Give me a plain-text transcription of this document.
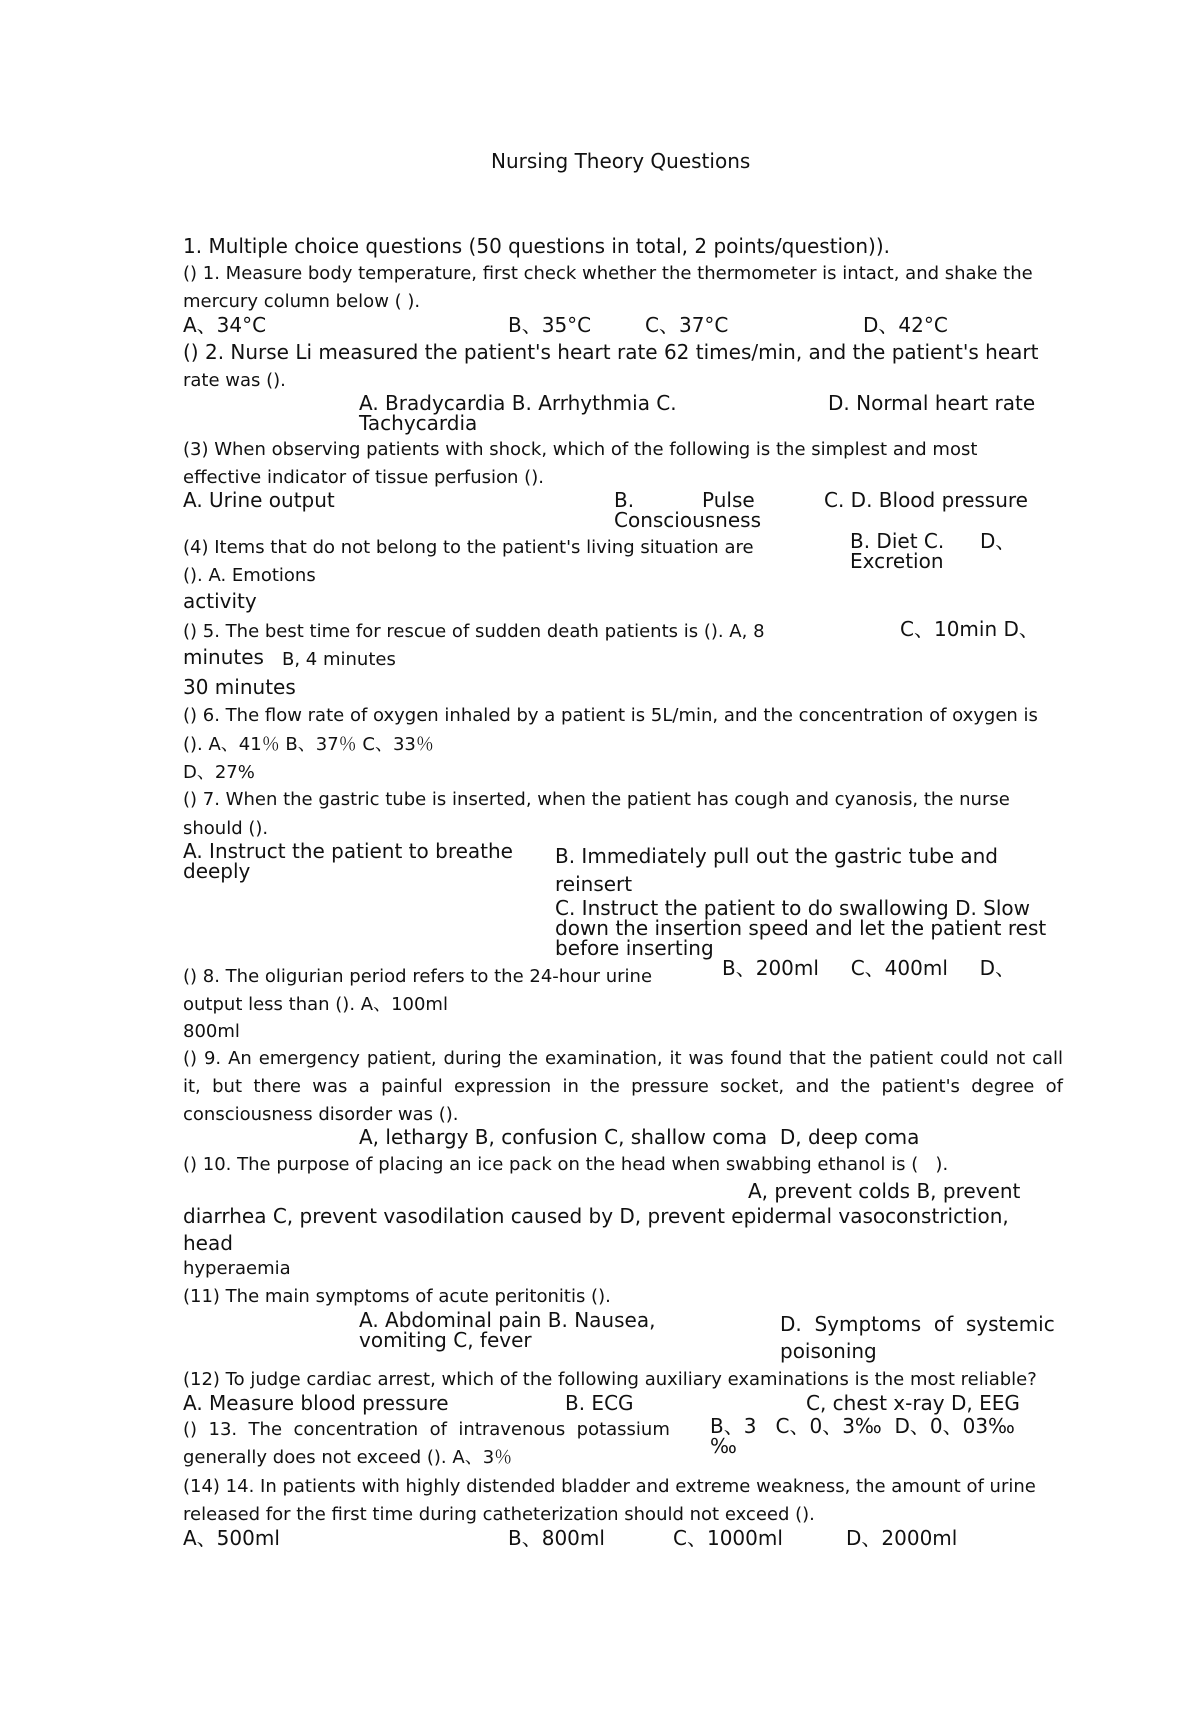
Nursing Theory Questions
1. Multiple choice questions (50 questions in total, 2 points/question)).
() 1. Measure body temperature, first check whether the thermometer is intact, and shake the
mercury column below ( ).
A、34°C	B、35°C	C、37°C	D、42°C
() 2. Nurse Li measured the patient's heart rate 62 times/min, and the patient's heart
rate was ().
A. Bradycardia B. Arrhythmia C.
Tachycardia
D. Normal heart rate
(3) When observing patients with shock, which of the following is the simplest and most
effective indicator of tissue perfusion ().
A. Urine output	B.	Pulse
Consciousness
C. D. Blood pressure
(4) Items that do not belong to the patient's living situation are
(). A. Emotions
activity
B. Diet C. D、
Excretion
() 5. The best time for rescue of sudden death patients is (). A, 8
minutes B, 4 minutes
30 minutes
C、10min D、
() 6. The flow rate of oxygen inhaled by a patient is 5L/min, and the concentration of oxygen is
(). A、41％ B、37％ C、33％
D、27%
() 7. When the gastric tube is inserted, when the patient has cough and cyanosis, the nurse
should ().
A. Instruct the patient to breathe
deeply
B. Immediately pull out the gastric tube and
reinsert
C. Instruct the patient to do swallowing D. Slow
down the insertion speed and let the patient rest
before inserting
() 8. The oligurian period refers to the 24-hour urine
output less than (). A、100ml
800ml
B、200ml     C、400ml     D、
() 9. An emergency patient, during the examination, it was found that the patient could not call
it, but there was a painful expression in the pressure socket, and the patient's degree of
consciousness disorder was ().
A, lethargy B, confusion C, shallow coma  D, deep coma
() 10. The purpose of placing an ice pack on the head when swabbing ethanol is (   ).
A, prevent colds B, prevent
diarrhea C, prevent vasodilation caused by D, prevent epidermal vasoconstriction,
head
hyperaemia
(11) The main symptoms of acute peritonitis ().
A. Abdominal pain B. Nausea,
vomiting C, fever
D.  Symptoms  of  systemic
poisoning
(12) To judge cardiac arrest, which of the following auxiliary examinations is the most reliable?
A. Measure blood pressure	B. ECG	C, chest x-ray D, EEG
()  13.  The  concentration  of  intravenous  potassium
generally does not exceed (). A、3％
B、3   C、0、3‰  D、0、03‰
‰
(14) 14. In patients with highly distended bladder and extreme weakness, the amount of urine
released for the first time during catheterization should not exceed ().
A、500ml	B、800ml	C、1000ml	D、2000ml
